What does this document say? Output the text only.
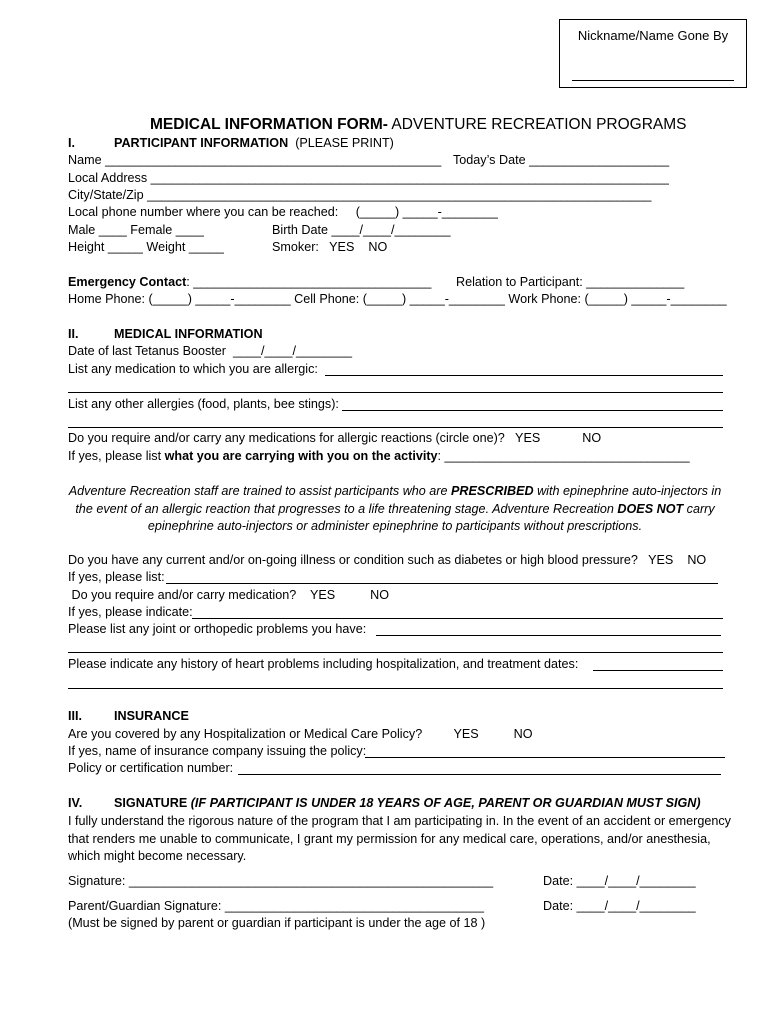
Nickname/Name Gone By
MEDICAL INFORMATION FORM- ADVENTURE RECREATION PROGRAMS
I.	PARTICIPANT INFORMATION  (PLEASE PRINT)
Name ________________________________________________ Today’s Date ____________________
Local Address __________________________________________________________________________
City/State/Zip ________________________________________________________________________
Local phone number where you can be reached:     (_____) _____-________
Male ____ Female ____	Birth Date ____/____/________
Height _____ Weight _____	Smoker:   YES    NO
Emergency Contact: __________________________________ Relation to Participant: ______________
Home Phone: (_____) _____-________ Cell Phone: (_____) _____-________ Work Phone: (_____) _____-________
II.	MEDICAL INFORMATION
Date of last Tetanus Booster  ____/____/________
List any medication to which you are allergic:
List any other allergies (food, plants, bee stings):
Do you require and/or carry any medications for allergic reactions (circle one)?   YES            NO
If yes, please list what you are carrying with you on the activity: ___________________________________
Adventure Recreation staff are trained to assist participants who are PRESCRIBED with epinephrine auto-injectors in the event of an allergic reaction that progresses to a life threatening stage. Adventure Recreation DOES NOT carry epinephrine auto-injectors or administer epinephrine to participants without prescriptions.
Do you have any current and/or on-going illness or condition such as diabetes or high blood pressure?   YES    NO
If yes, please list:
Do you require and/or carry medication?    YES          NO
If yes, please indicate:
Please list any joint or orthopedic problems you have:
Please indicate any history of heart problems including hospitalization, and treatment dates:
III.	INSURANCE
Are you covered by any Hospitalization or Medical Care Policy?         YES          NO
If yes, name of insurance company issuing the policy:
Policy or certification number:
IV.	SIGNATURE (IF PARTICIPANT IS UNDER 18 YEARS OF AGE, PARENT OR GUARDIAN MUST SIGN)
I fully understand the rigorous nature of the program that I am participating in. In the event of an accident or emergency that renders me unable to communicate, I grant my permission for any medical care, operations, and/or anesthesia, which might become necessary.
Signature: ____________________________________________________	Date: ____/____/________
Parent/Guardian Signature: _____________________________________	Date: ____/____/________
(Must be signed by parent or guardian if participant is under the age of 18 )
